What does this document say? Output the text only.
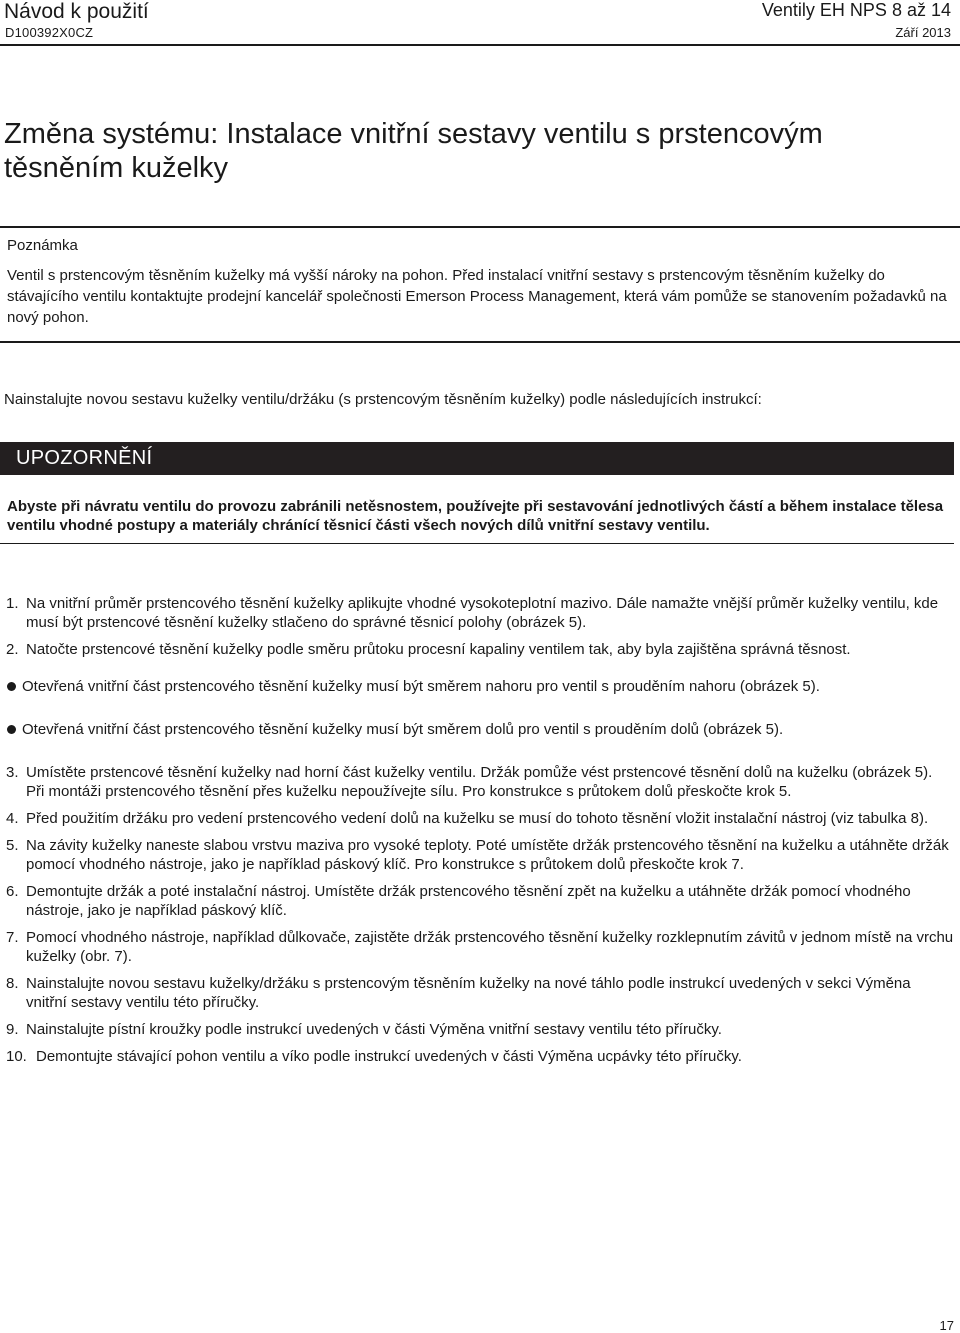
Návod k použití
D100392X0CZ
Ventily EH NPS 8 až 14
Září 2013
Změna systému: Instalace vnitřní sestavy ventilu s prstencovým těsněním kuželky
Poznámka

Ventil s prstencovým těsněním kuželky má vyšší nároky na pohon. Před instalací vnitřní sestavy s prstencovým těsněním kuželky do stávajícího ventilu kontaktujte prodejní kancelář společnosti Emerson Process Management, která vám pomůže se stanovením požadavků na nový pohon.

Nainstalujte novou sestavu kuželky ventilu/držáku (s prstencovým těsněním kuželky) podle následujících instrukcí:

UPOZORNĚNÍ

Abyste při návratu ventilu do provozu zabránili netěsnostem, používejte při sestavování jednotlivých částí a během instalace tělesa ventilu vhodné postupy a materiály chránící těsnicí části všech nových dílů vnitřní sestavy ventilu.

1. Na vnitřní průměr prstencového těsnění kuželky aplikujte vhodné vysokoteplotní mazivo. Dále namažte vnější průměr kuželky ventilu, kde musí být prstencové těsnění kuželky stlačeno do správné těsnicí polohy (obrázek 5).
2. Natočte prstencové těsnění kuželky podle směru průtoku procesní kapaliny ventilem tak, aby byla zajištěna správná těsnost.
Otevřená vnitřní část prstencového těsnění kuželky musí být směrem nahoru pro ventil s prouděním nahoru (obrázek 5).
Otevřená vnitřní část prstencového těsnění kuželky musí být směrem dolů pro ventil s prouděním dolů (obrázek 5).
3. Umístěte prstencové těsnění kuželky nad horní část kuželky ventilu. Držák pomůže vést prstencové těsnění dolů na kuželku (obrázek 5). Při montáži prstencového těsnění přes kuželku nepoužívejte sílu. Pro konstrukce s průtokem dolů přeskočte krok 5.
4. Před použitím držáku pro vedení prstencového vedení dolů na kuželku se musí do tohoto těsnění vložit instalační nástroj (viz tabulka 8).
5. Na závity kuželky naneste slabou vrstvu maziva pro vysoké teploty. Poté umístěte držák prstencového těsnění na kuželku a utáhněte držák pomocí vhodného nástroje, jako je například páskový klíč. Pro konstrukce s průtokem dolů přeskočte krok 7.
6. Demontujte držák a poté instalační nástroj. Umístěte držák prstencového těsnění zpět na kuželku a utáhněte držák pomocí vhodného nástroje, jako je například páskový klíč.
7. Pomocí vhodného nástroje, například důlkovače, zajistěte držák prstencového těsnění kuželky rozklepnutím závitů v jednom místě na vrchu kuželky (obr. 7).
8. Nainstalujte novou sestavu kuželky/držáku s prstencovým těsněním kuželky na nové táhlo podle instrukcí uvedených v sekci Výměna vnitřní sestavy ventilu této příručky.
9. Nainstalujte pístní kroužky podle instrukcí uvedených v části Výměna vnitřní sestavy ventilu této příručky.
10. Demontujte stávající pohon ventilu a víko podle instrukcí uvedených v části Výměna ucpávky této příručky.
17
